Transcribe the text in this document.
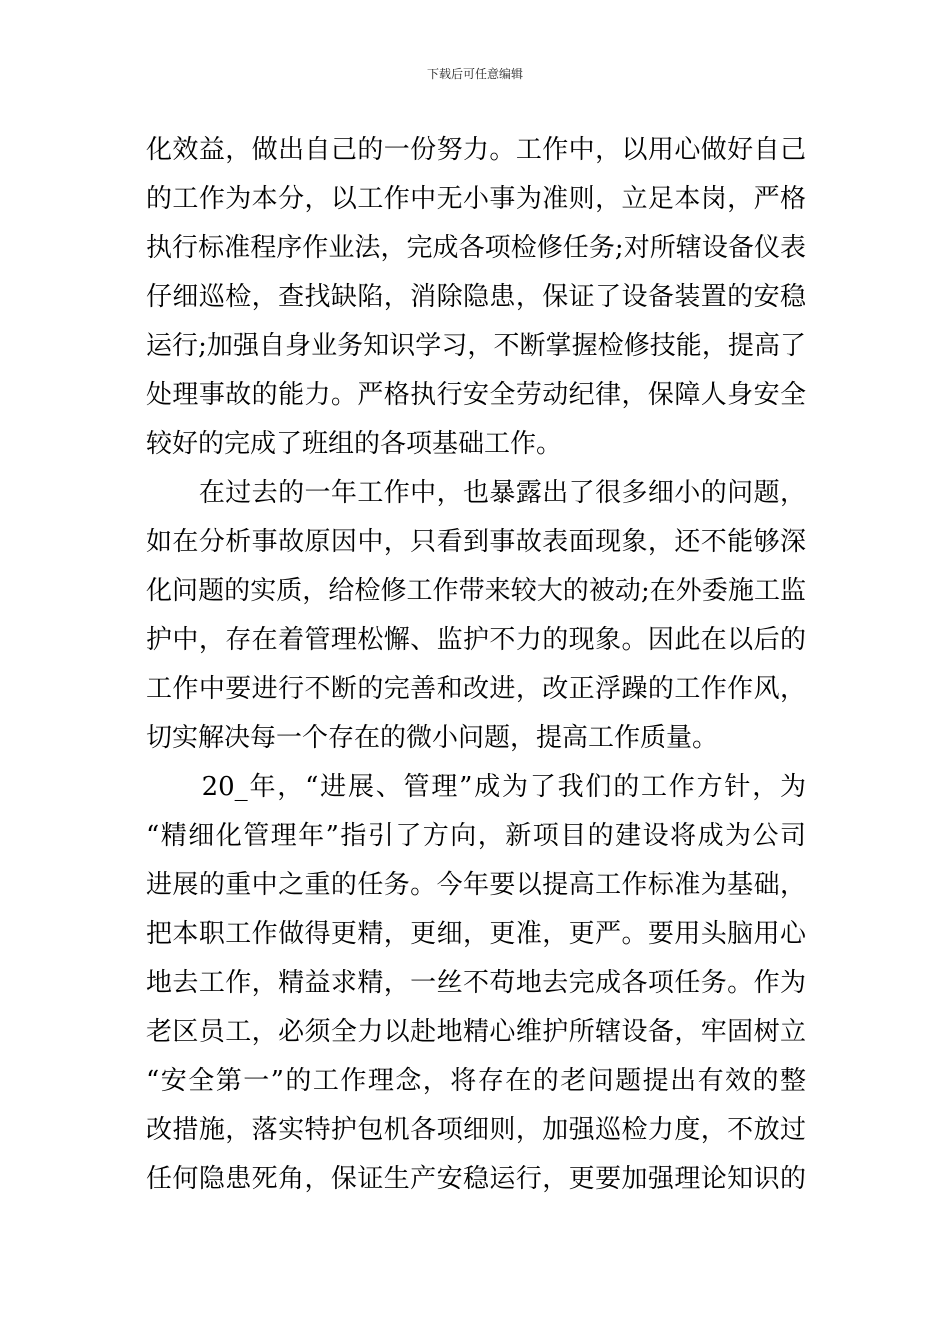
下载后可任意编辑
化效益，做出自己的一份努力。工作中，以用心做好自己
的工作为本分，以工作中无小事为准则，立足本岗，严格
执行标准程序作业法，完成各项检修任务;对所辖设备仪表
仔细巡检，查找缺陷，消除隐患，保证了设备装置的安稳
运行;加强自身业务知识学习，不断掌握检修技能，提高了
处理事故的能力。严格执行安全劳动纪律，保障人身安全
较好的完成了班组的各项基础工作。
　　在过去的一年工作中，也暴露出了很多细小的问题，
如在分析事故原因中，只看到事故表面现象，还不能够深
化问题的实质，给检修工作带来较大的被动;在外委施工监
护中，存在着管理松懈、监护不力的现象。因此在以后的
工作中要进行不断的完善和改进，改正浮躁的工作作风，
切实解决每一个存在的微小问题，提高工作质量。
　　20_年，“进展、管理”成为了我们的工作方针，为
“精细化管理年”指引了方向，新项目的建设将成为公司
进展的重中之重的任务。今年要以提高工作标准为基础，
把本职工作做得更精，更细，更准，更严。要用头脑用心
地去工作，精益求精，一丝不苟地去完成各项任务。作为
老区员工，必须全力以赴地精心维护所辖设备，牢固树立
“安全第一”的工作理念，将存在的老问题提出有效的整
改措施，落实特护包机各项细则，加强巡检力度，不放过
任何隐患死角，保证生产安稳运行，更要加强理论知识的
